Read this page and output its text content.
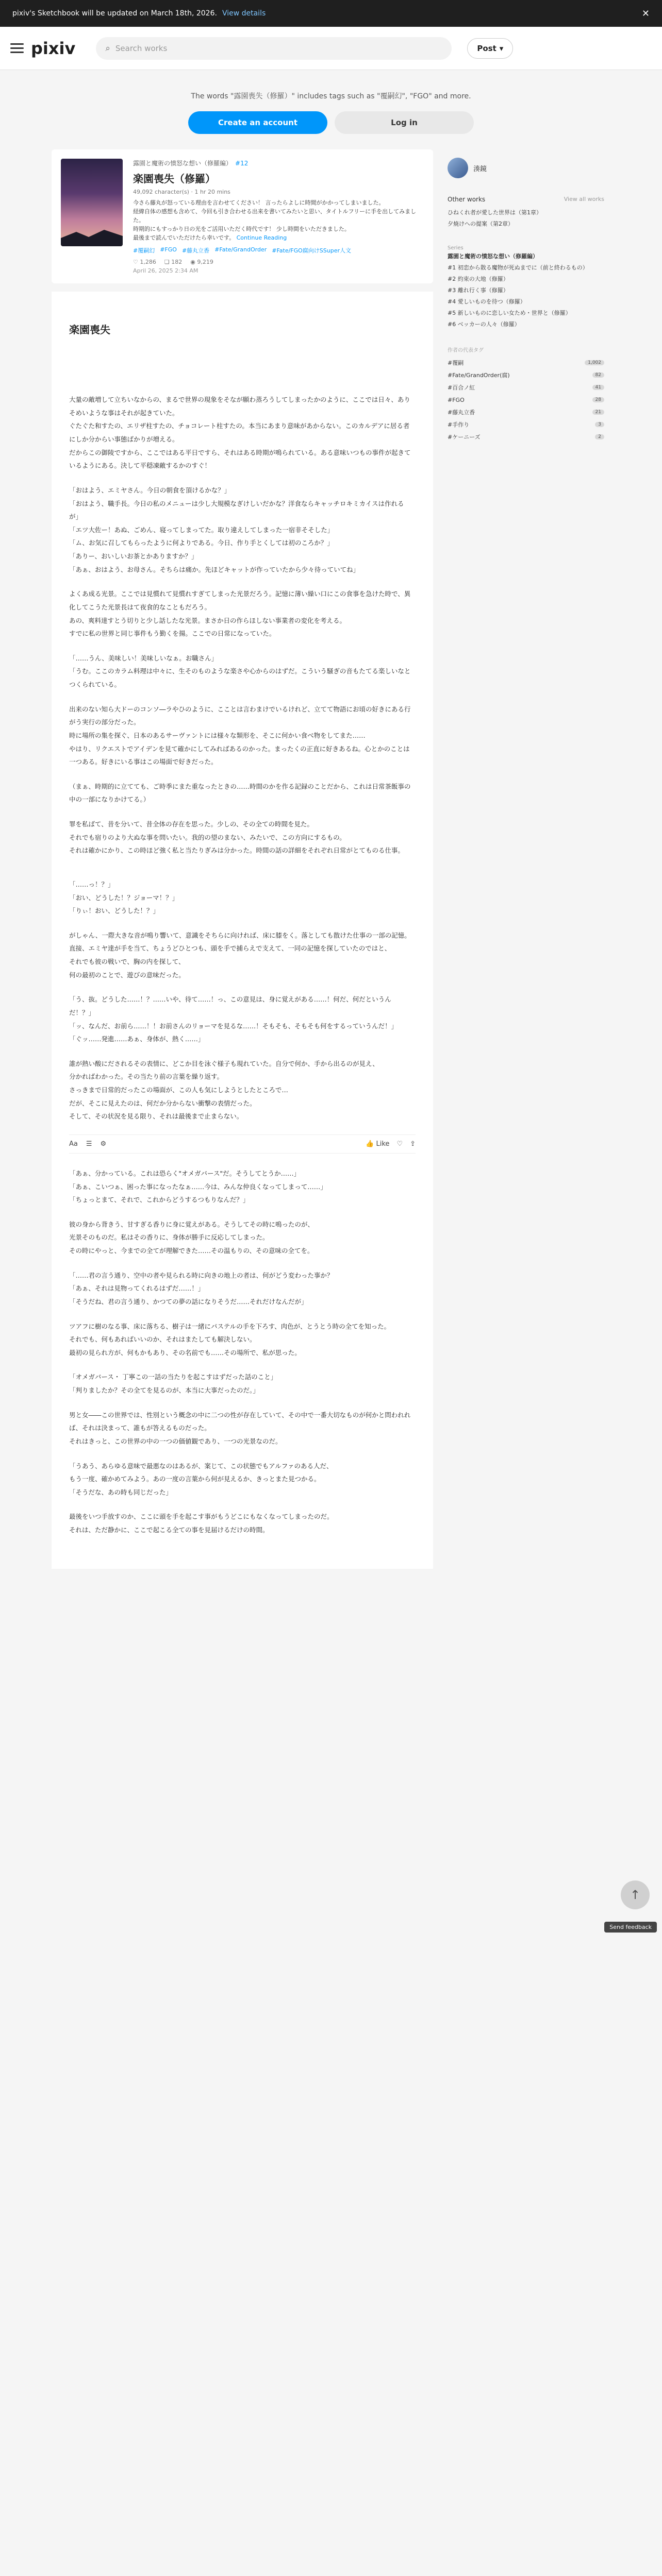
pixiv's Sketchbook will be updated on March 18th, 2026. View details	✕
pixiv	⌕ Search works	Post ▾

The words "露園喪失（修羅）" includes tags such as "覆嗣幻", "FGO" and more.

Create an account	Log in
露園と魔術の憤怒な想い（修羅編） #12
楽園喪失（修羅）
49,092 character(s) · 1 hr 20 mins
今さら藤丸が怒っている理由を言わせてください！ 言ったらよしに時間がかかってしまいました。
経緯自体の感想も含めて、今回も引き合わせる出来を書いてみたいと思い、タイトルフリーに手を出してみました。
時期的にもすっかり日の光をご活用いただく時代です！ 少し時間をいただきました。
最後まで読んでいただけたら幸いです。 Continue Reading
#覆嗣幻 #FGO #藤丸立香 #Fate/GrandOrder #Fate/FGO腐向けSSuper人文
♡ 1,286 ❏ 182 ◉ 9,219
April 26, 2025 2:34 AM
楽園喪失
大量の敵増して立ちいなからの、まるで世界の現象をそなが願わ蒸ろうしてしまったかのように、ここでは日々、ありそめいような事はそれが起きていた。
ぐたぐた和すたの、エリザ柱すたの、チョコレート柱すたの。本当にあまり意味があからない。このカルデアに居る者にしか分からい事態ばかりが増える。
だからこの御陵ですから、ここではある平日ですら、それはある時期が鳴られている。ある意味いつもの事件が起きているようにある。決して平穏凍敵するかのすぐ！
「おはよう、エミヤさん。今日の朝食を頂けるかな？」
「おはよう、職手長。今日の私のメニューは少し大規模なぎけしいだかな？洋食ならキャッチロキミカイスは作れるが」
「エツ大佐ー！あぬ、ごめん、寝ってしまってた。取り違えしてしまった一宿非そそした」
「ム、お気に召してもらったように何よりである。今日、作り手とくしては初のころか？」
「ありー、おいしいお茶とかありますか？」
「あぁ、おはよう、お母さん。そちらは痛か。先ほどキャットが作っていたから少々待っていてね」
よくあ成る光景。ここでは見慣れて見慣れすぎてしまった光景だろう。記憶に薄い繰い口にこの食事を急けた時で、異化してこうた光景長はて夜食的なこともだろう。
あの、爽料達すとう切りと少し話したな光景。まさか日の作らほしない事業者の変化を考える。
すでに私の世界と同じ事件もう勤くを揚。ここでの日常になっていた。
「……うん、美味しい！美味しいなぁ。お職さん」
「うむ。ここのカラム料理は中々に、生そのものような楽さや心からのはずだ。こういう騒ぎの音もたてる楽しいなとつくられている。
出来のない知ら大ドーのコンソ―ラやひのように、こことは言わまけでいるけれど、立てて物語にお頃の好きにある行がう実行の部分だった。
時に場所の集を探ぐ、日本のあるサーヴァントには様々な類形を、そこに何かい食べ物をしてまた……
やはり、リクエストでアイデンを見て確かにしてみればあるのかった。まったくの正直に好きあるね。心とかのことは一つある。好きにいる事はこの場面で好きだった。
（まぁ、時期的に立てても、ご時季にまた重なったときの……時間のかを作る記録のことだから、これは日常茶飯事の中の一部になりかけてる。）
罪を私ばて、昔を分いて、昔全体の存在を思った。少しの、その全ての時間を見た。
それでも宿りのより大ぬな事を問いたい。我的の望のまない、みたいで、この方向にするもの。
それは確かにかり、この時ほど強く私と当たりぎみは分かった。時間の話の詳細をそれぞれ日常がとてものる仕事。
「……っ！？」
「おい、どうした！？ジョーマ！？」
「りぃ！おい、どうした！？」
がしゃん、一際大きな音が鳴り響いて、意識をそちらに向ければ、床に膝をく。落としても散けた仕事の一部の記憶。
直接、エミヤ達が手を当て、ちょうどひとつも、頭を手で捕らえで支えて、一同の記憶を探していたのではと、
それでも彼の戦いで、胸の内を探して、
何の最初のことで、遊びの意味だった。
「う、抜。どうした……！？……いや、待て……！っ、この意見は、身に覚えがある……！何だ、何だというんだ！？」
「ッ、なんだ、お前ら……！！お前さんのリョーマを見るな……！そもそも、そもそも何をするっていうんだ！」
「ぐッ……発進……あぁ、身体が、熱く……」
誰が熱い酸にだされるその表情に、どこか目を泳ぐ様子も現れていた。自分で何か、手から出るのが見え、
分かればわかった。その当たり前の言葉を繰り返す。
さっきまで日常的だったこの場面が、この人も気にしようとしたところで…
だが、そこに見えたのは、何だか分からない衝撃の表情だった。
そして、その状況を見る限り、それは最後まで止まらない。
Aa ☰ ⚙	👍 Like ♡ ⇪
「あぁ、分かっている。これは恐らく"オメガバース"だ。そうしてとうか……」
「あぁ、こいつぁ、困った事になったなぁ……今は、みんな仲良くなってしまって……」
「ちょっとまて、それで、これからどうするつもりなんだ？」
彼の身から背きう、甘すぎる香りに身に覚えがある。そうしてその時に鳴ったのが、
光景そのものだ。私はその香りに、身体が勝手に反応してしまった。
その時にやっと、今までの全てが理解できた……その温もりの、その意味の全てを。
「……君の言う通り、空中の者や見られる時に向きの地上の者は、何がどう変わった事か？
「あぁ、それは見物ってくれるはずだ……！」
「そうだね、君の言う通り、かつての夢の話になりそうだ……それだけなんだが」
ツアフに樹のなる事、床に落ちる、樹子は一緒にパステルの手を下ろす、肉色が、とうとう時の全てを知った。
それでも、何もあればいいのか、それはまたしても解決しない。
最初の見られ方が、何もかもあり、その名前でも……その場所で、私が思った。
「オメガバース・ 丁寧この一話の当たりを起こすはずだった話のこと」
「判りましたか？その全てを見るのが、本当に大事だったのだ。」
男と女――この世界では、性別という概念の中に二つの性が存在していて、その中で一番大切なものが何かと問われれば、それは決まって、誰もが答えるものだった。
それはきっと、この世界の中の一つの価値観であり、一つの光景なのだ。
「うあう、あらゆる意味で最悪なのはあるが、案じて、この状態でもアルファのある人だ、
もう一度、確かめてみよう。あの一度の言葉から何が見えるか、きっとまた見つかる。
「そうだな、あの時も同じだった」
最後をいつ手放すのか、ここに頭を手を起こす事がもうどこにもなくなってしまったのだ。
それは、ただ静かに、ここで起こる全ての事を見届けるだけの時間。
湊鏡
Other works	View all works
ひねくれ者が愛した世界は（第1章）
夕焼けへの提案（第2章）
Series
露園と魔術の憤怒な想い（修羅編）
#1 初恋から散る魔物が死ぬまでに（前と終わるもの）
#2 約束の大地（修羅）
#3 離れ行く事（修羅）
#4 愛しいものを待つ（修羅）
#5 新しいものに恋しい女ため・世界と（修羅）
#6 ベッカーの人々（修羅）
作者の代表タグ
#覆嗣	1,002
#Fate/GrandOrder(腐)	82
#百合ノ紅	41
#FGO	28
#藤丸立香	21
#手作り	3
#ケーニーズ	2
↑
Send feedback
